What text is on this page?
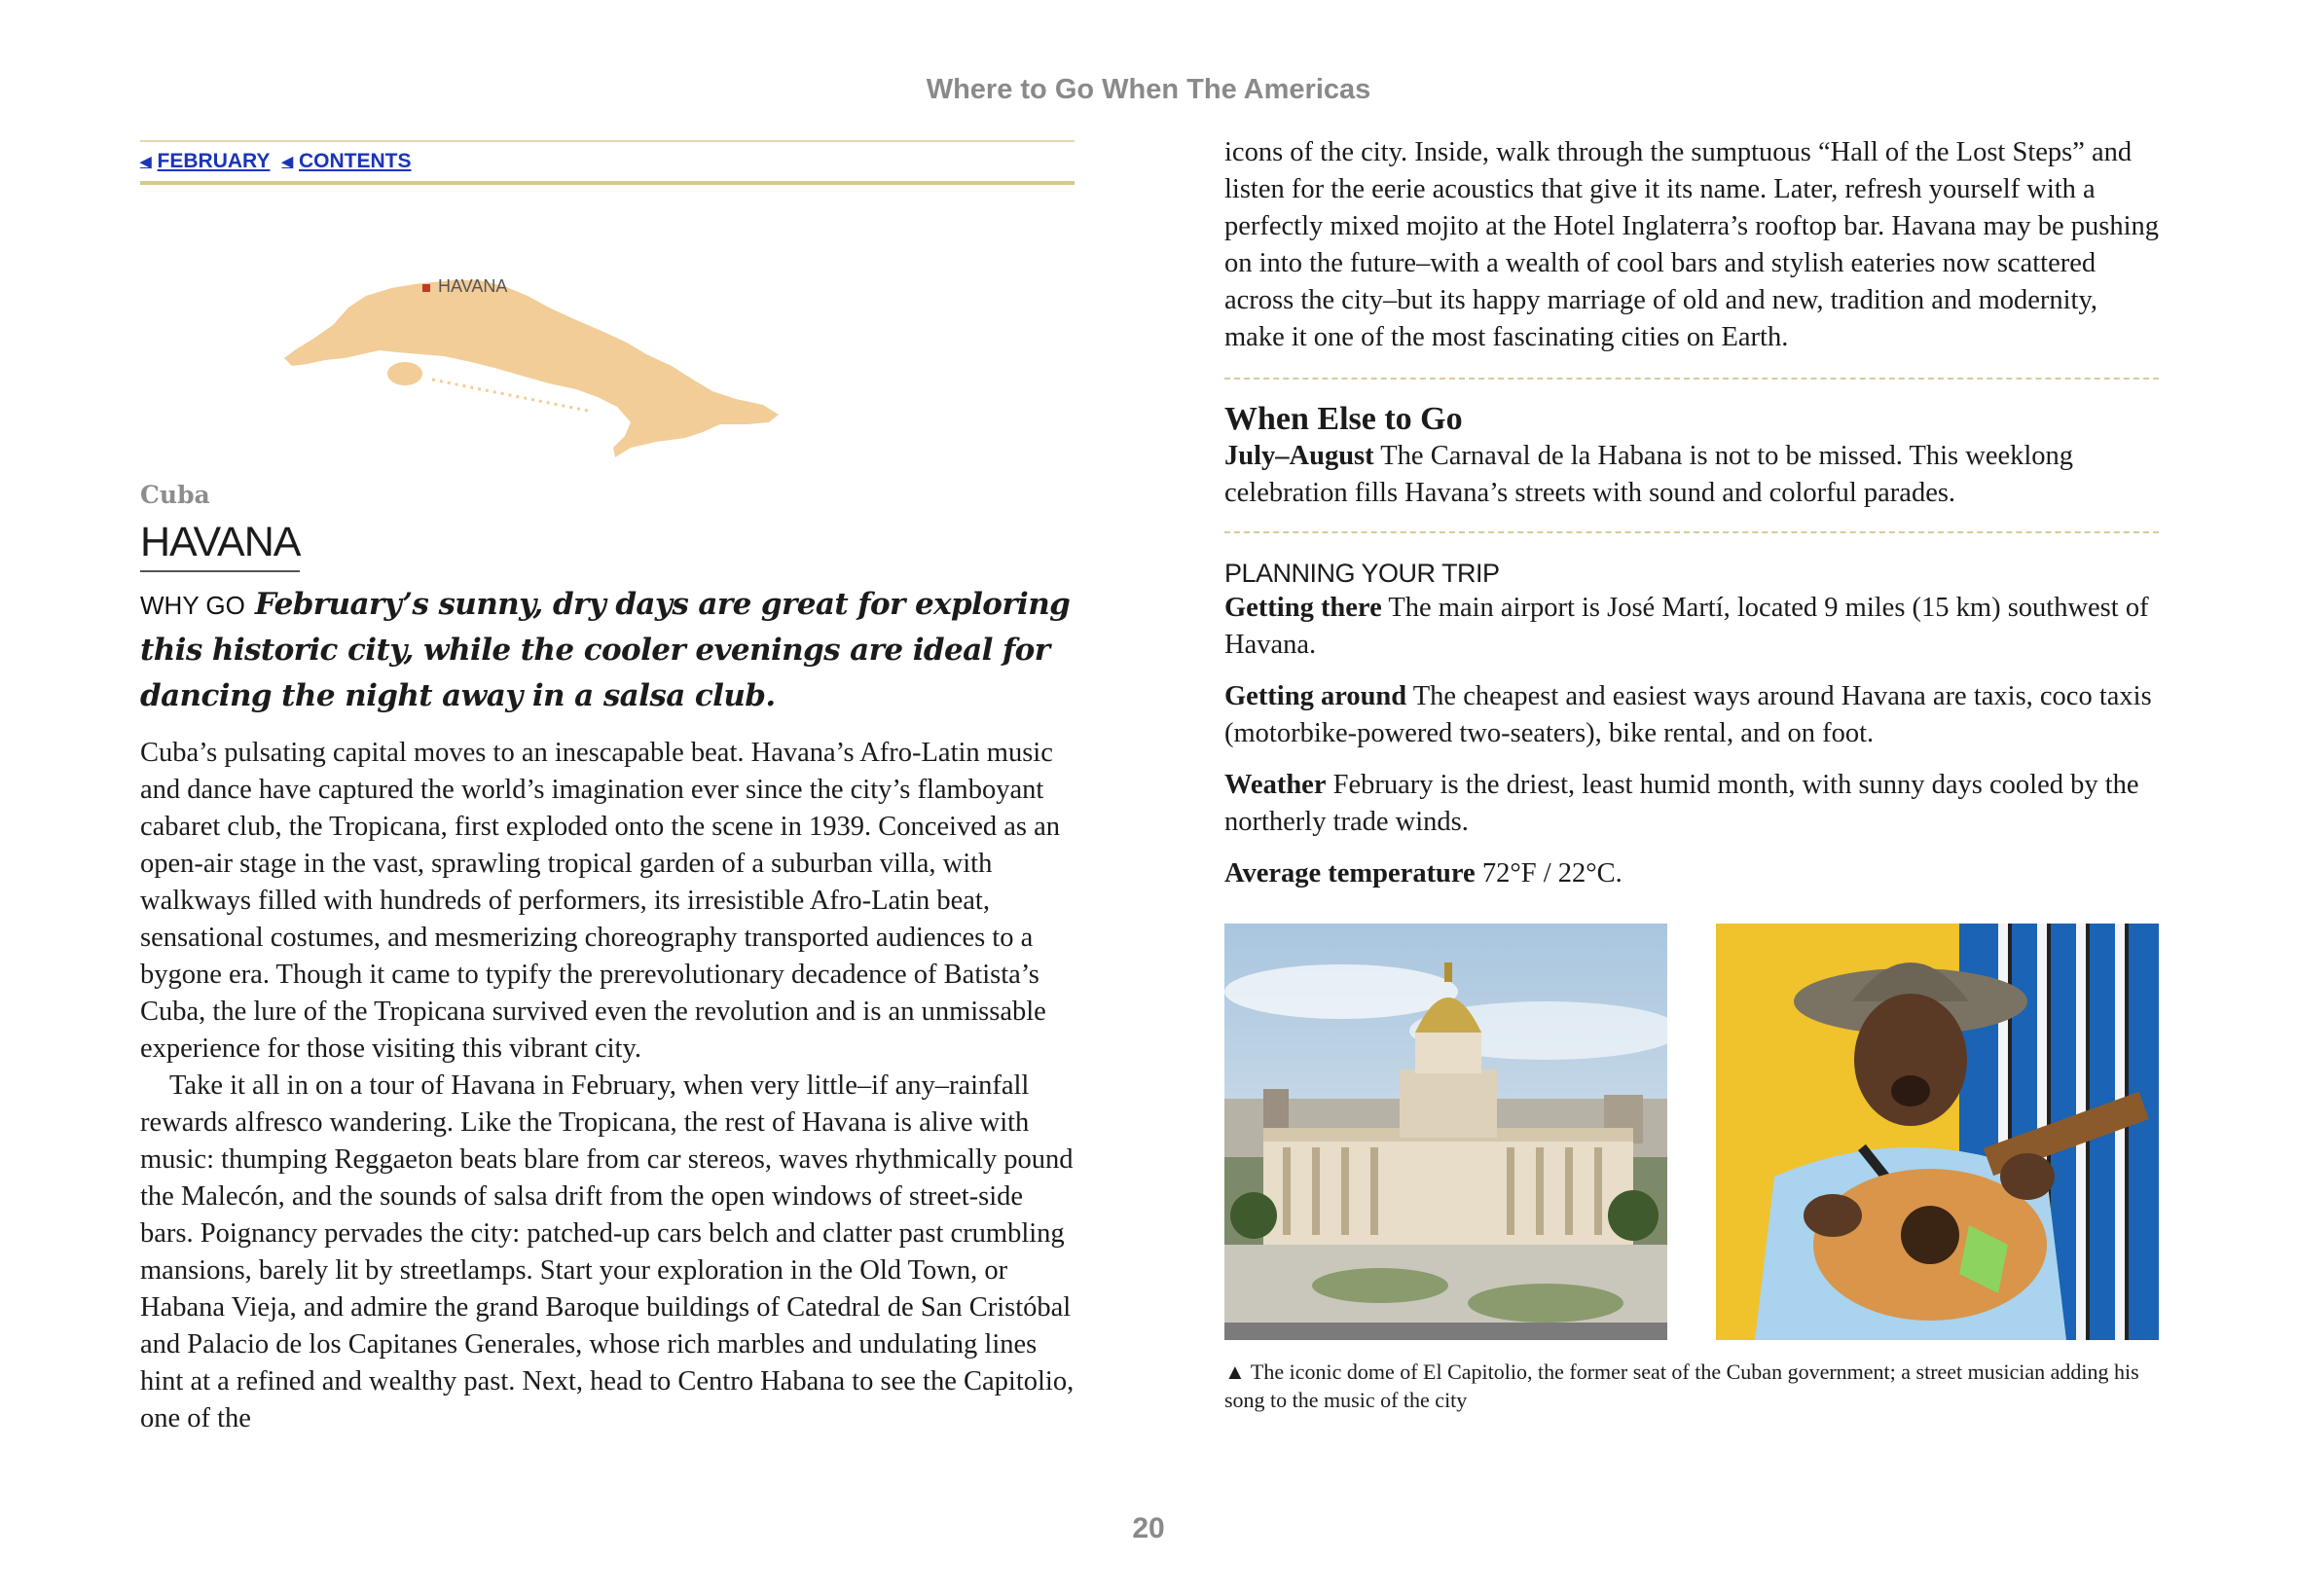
Where to Go When The Americas
◀ FEBRUARY ◀ CONTENTS
HAVANA
Cuba
HAVANA
WHY GO February’s sunny, dry days are great for exploring this historic city, while the cooler evenings are ideal for dancing the night away in a salsa club.

Cuba’s pulsating capital moves to an inescapable beat. Havana’s Afro-Latin music and dance have captured the world’s imagination ever since the city’s flamboyant cabaret club, the Tropicana, first exploded onto the scene in 1939. Conceived as an open-air stage in the vast, sprawling tropical garden of a suburban villa, with walkways filled with hundreds of performers, its irresistible Afro-Latin beat, sensational costumes, and mesmerizing choreography transported audiences to a bygone era. Though it came to typify the prerevolutionary decadence of Batista’s Cuba, the lure of the Tropicana survived even the revolution and is an unmissable experience for those visiting this vibrant city.

Take it all in on a tour of Havana in February, when very little–if any–rainfall rewards alfresco wandering. Like the Tropicana, the rest of Havana is alive with music: thumping Reggaeton beats blare from car stereos, waves rhythmically pound the Malecón, and the sounds of salsa drift from the open windows of street-side bars. Poignancy pervades the city: patched-up cars belch and clatter past crumbling mansions, barely lit by streetlamps. Start your exploration in the Old Town, or Habana Vieja, and admire the grand Baroque buildings of Catedral de San Cristóbal and Palacio de los Capitanes Generales, whose rich marbles and undulating lines hint at a refined and wealthy past. Next, head to Centro Habana to see the Capitolio, one of the

icons of the city. Inside, walk through the sumptuous “Hall of the Lost Steps” and listen for the eerie acoustics that give it its name. Later, refresh yourself with a perfectly mixed mojito at the Hotel Inglaterra’s rooftop bar. Havana may be pushing on into the future–with a wealth of cool bars and stylish eateries now scattered across the city–but its happy marriage of old and new, tradition and modernity, make it one of the most fascinating cities on Earth.

When Else to Go

July–August The Carnaval de la Habana is not to be missed. This weeklong celebration fills Havana’s streets with sound and colorful parades.

PLANNING YOUR TRIP

Getting there The main airport is José Martí, located 9 miles (15 km) southwest of Havana.

Getting around The cheapest and easiest ways around Havana are taxis, coco taxis (motorbike-powered two-seaters), bike rental, and on foot.

Weather February is the driest, least humid month, with sunny days cooled by the northerly trade winds.

Average temperature 72°F / 22°C.

▲ The iconic dome of El Capitolio, the former seat of the Cuban government; a street musician adding his song to the music of the city
20
